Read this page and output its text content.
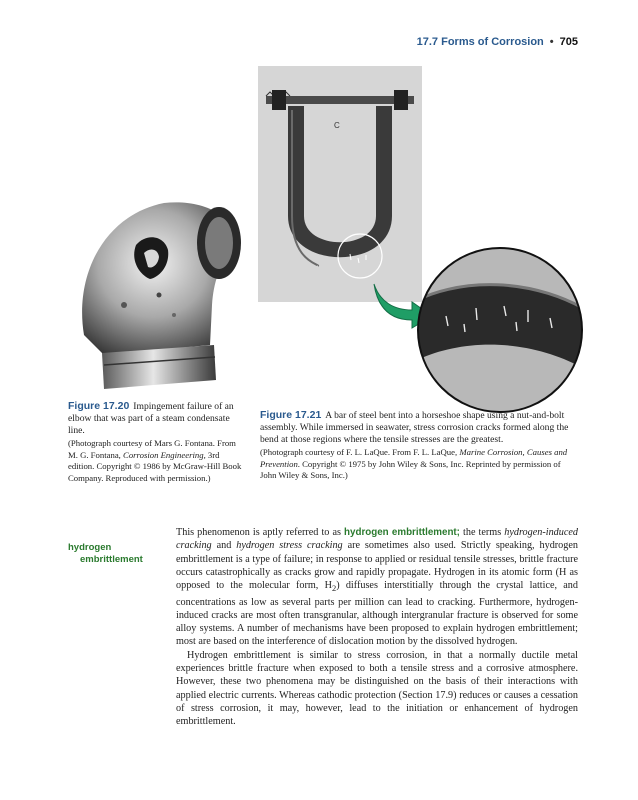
17.7 Forms of Corrosion • 705
C
Figure 17.20 Impingement failure of an elbow that was part of a steam condensate line.
(Photograph courtesy of Mars G. Fontana. From M. G. Fontana, Corrosion Engineering, 3rd edition. Copyright © 1986 by McGraw-Hill Book Company. Reproduced with permission.)
Figure 17.21 A bar of steel bent into a horseshoe shape using a nut-and-bolt assembly. While immersed in seawater, stress corrosion cracks formed along the bend at those regions where the tensile stresses are the greatest.
(Photograph courtesy of F. L. LaQue. From F. L. LaQue, Marine Corrosion, Causes and Prevention. Copyright © 1975 by John Wiley & Sons, Inc. Reprinted by permission of John Wiley & Sons, Inc.)
hydrogen
embrittlement

This phenomenon is aptly referred to as hydrogen embrittlement; the terms hydrogen-induced cracking and hydrogen stress cracking are sometimes also used. Strictly speaking, hydrogen embrittlement is a type of failure; in response to applied or residual tensile stresses, brittle fracture occurs catastrophically as cracks grow and rapidly propagate. Hydrogen in its atomic form (H as opposed to the molecular form, $H_2$) diffuses interstitially through the crystal lattice, and concentrations as low as several parts per million can lead to cracking. Furthermore, hydrogen-induced cracks are most often transgranular, although intergranular fracture is observed for some alloy systems. A number of mechanisms have been proposed to explain hydrogen embrittlement; most are based on the interference of dislocation motion by the dissolved hydrogen.

Hydrogen embrittlement is similar to stress corrosion, in that a normally ductile metal experiences brittle fracture when exposed to both a tensile stress and a corrosive atmosphere. However, these two phenomena may be distinguished on the basis of their interactions with applied electric currents. Whereas cathodic protection (Section 17.9) reduces or causes a cessation of stress corrosion, it may, however, lead to the initiation or enhancement of hydrogen embrittlement.
